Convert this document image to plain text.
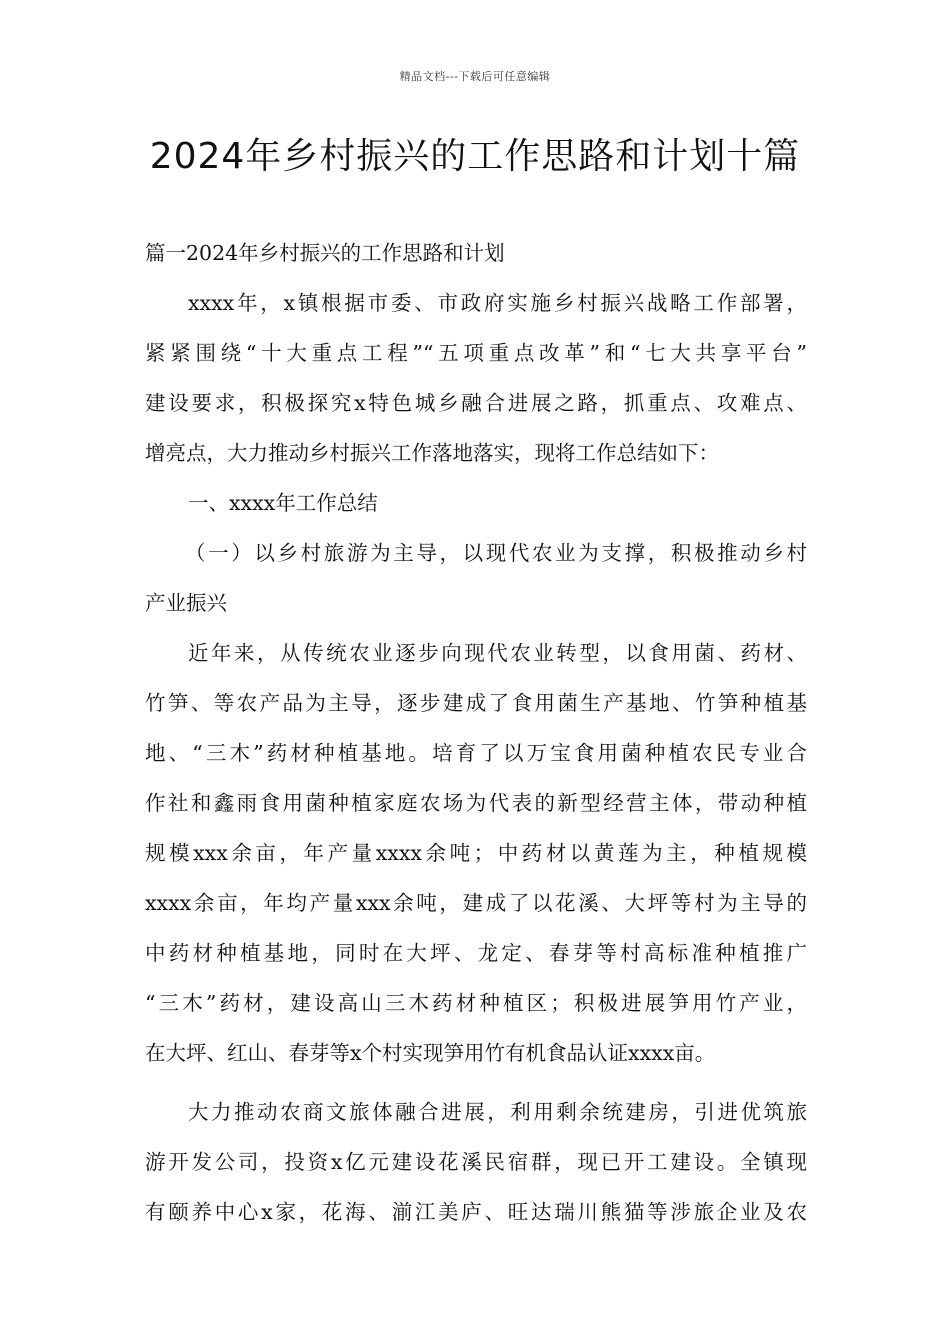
精品文档---下载后可任意编辑
2024年乡村振兴的工作思路和计划十篇
篇一2024年乡村振兴的工作思路和计划
xxxx年，x镇根据市委、市政府实施乡村振兴战略工作部署，
紧紧围绕“十大重点工程”“五项重点改革”和“七大共享平台”
建设要求，积极探究x特色城乡融合进展之路，抓重点、攻难点、
增亮点，大力推动乡村振兴工作落地落实，现将工作总结如下：
一、xxxx年工作总结
（一）以乡村旅游为主导，以现代农业为支撑，积极推动乡村
产业振兴
近年来，从传统农业逐步向现代农业转型，以食用菌、药材、
竹笋、等农产品为主导，逐步建成了食用菌生产基地、竹笋种植基
地、“三木”药材种植基地。培育了以万宝食用菌种植农民专业合
作社和鑫雨食用菌种植家庭农场为代表的新型经营主体，带动种植
规模xxx余亩，年产量xxxx余吨；中药材以黄莲为主，种植规模
xxxx余亩，年均产量xxx余吨，建成了以花溪、大坪等村为主导的
中药材种植基地，同时在大坪、龙定、春芽等村高标准种植推广
“三木”药材，建设高山三木药材种植区；积极进展笋用竹产业，
在大坪、红山、春芽等x个村实现笋用竹有机食品认证xxxx亩。
大力推动农商文旅体融合进展，利用剩余统建房，引进优筑旅
游开发公司，投资x亿元建设花溪民宿群，现已开工建设。全镇现
有颐养中心x家，花海、湔江美庐、旺达瑞川熊猫等涉旅企业及农
